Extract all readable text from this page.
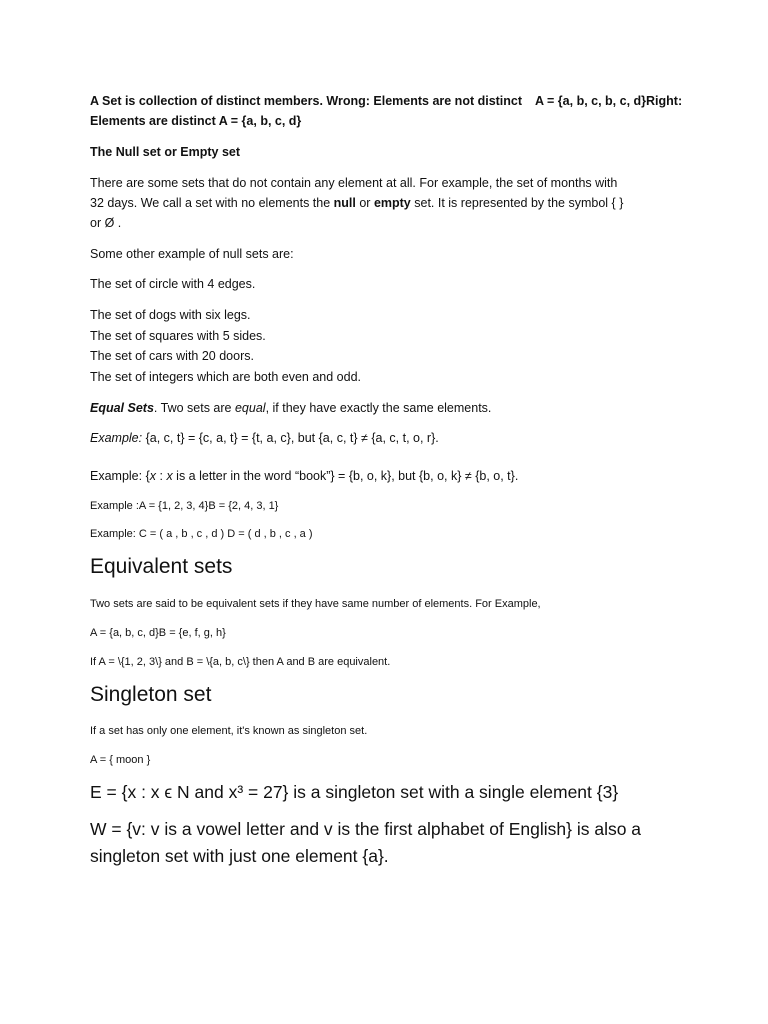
A Set is collection of distinct members. Wrong: Elements are not distinct A = {a, b, c, b, c, d}Right:
Elements are distinct A = {a, b, c, d}
The Null set or Empty set
There are some sets that do not contain any element at all. For example, the set of months with
32 days. We call a set with no elements the null or empty set. It is represented by the symbol { }
or Ø .
Some other example of null sets are:
The set of circle with 4 edges.
The set of dogs with six legs.
The set of squares with 5 sides.
The set of cars with 20 doors.
The set of integers which are both even and odd.
Equal Sets. Two sets are equal, if they have exactly the same elements.
Example: {a, c, t} = {c, a, t} = {t, a, c}, but {a, c, t} ≠ {a, c, t, o, r}.
Example: {x : x is a letter in the word “book”} = {b, o, k}, but {b, o, k} ≠ {b, o, t}.
Example :A = {1, 2, 3, 4}B = {2, 4, 3, 1}
Example: C = ( a , b , c , d ) D = ( d , b , c , a )
Equivalent sets
Two sets are said to be equivalent sets if they have same number of elements. For Example,
A = {a, b, c, d}B = {e, f, g, h}
If A = \{1, 2, 3\} and B = \{a, b, c\} then A and B are equivalent.
Singleton set
If a set has only one element, it's known as singleton set.
A = { moon }
E = {x : x ϵ N and x³ = 27} is a singleton set with a single element {3}
W = {v: v is a vowel letter and v is the first alphabet of English} is also a
singleton set with just one element {a}.
